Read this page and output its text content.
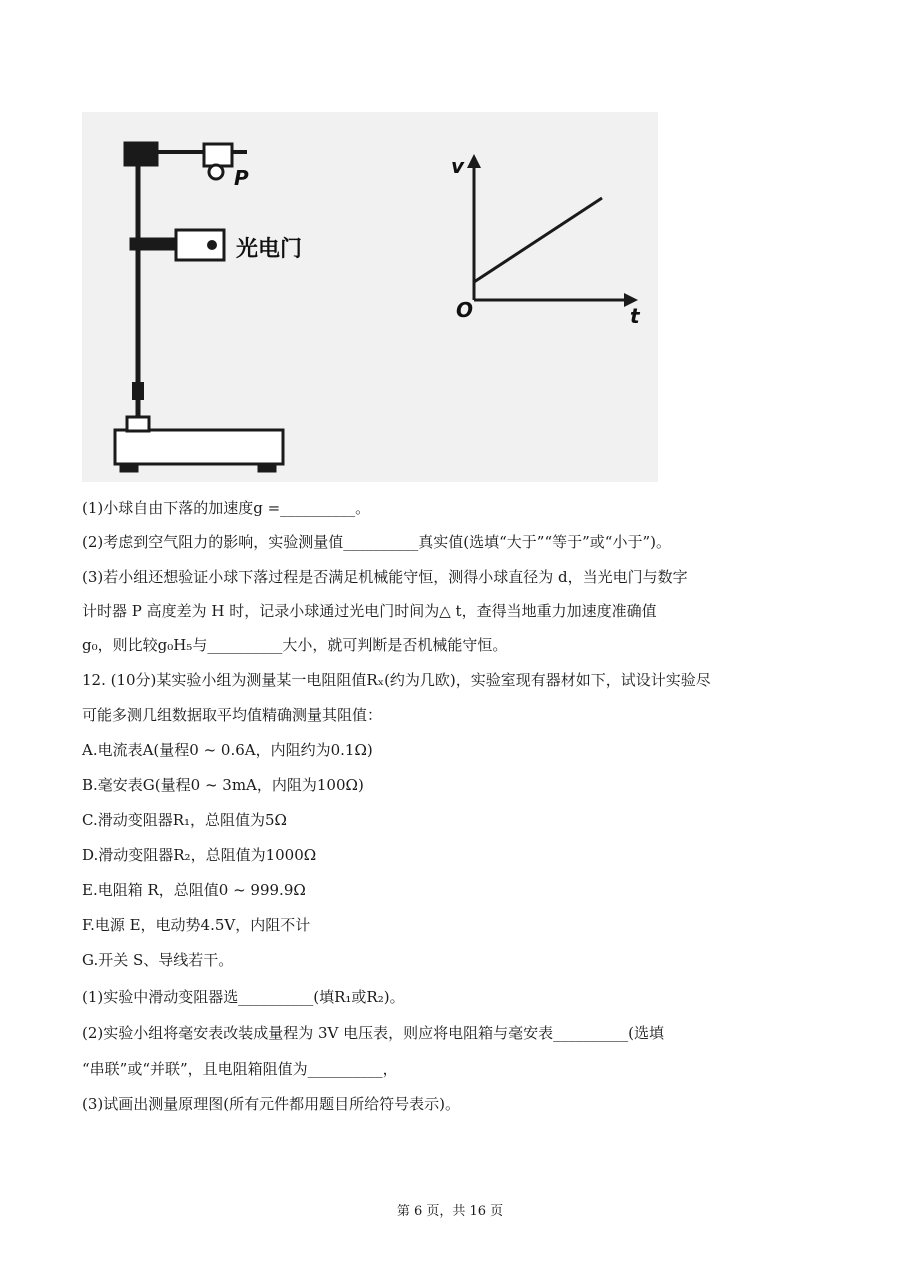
P
光电门
v
t
O
(1)小球自由下落的加速度g =__________。
(2)考虑到空气阻力的影响，实验测量值__________真实值(选填“大于”“等于”或“小于”)。
(3)若小组还想验证小球下落过程是否满足机械能守恒，测得小球直径为 d，当光电门与数字
计时器 P 高度差为 H 时，记录小球通过光电门时间为△ t，查得当地重力加速度准确值
g₀，则比较g₀H₅与__________大小，就可判断是否机械能守恒。
12. (10分)某实验小组为测量某一电阻阻值Rₓ(约为几欧)，实验室现有器材如下，试设计实验尽
可能多测几组数据取平均值精确测量其阻值：
A.电流表A(量程0 ~ 0.6A，内阻约为0.1Ω)
B.毫安表G(量程0 ~ 3mA，内阻为100Ω)
C.滑动变阻器R₁，总阻值为5Ω
D.滑动变阻器R₂，总阻值为1000Ω
E.电阻箱 R，总阻值0 ~ 999.9Ω
F.电源 E，电动势4.5V，内阻不计
G.开关 S、导线若干。
(1)实验中滑动变阻器选__________(填R₁或R₂)。
(2)实验小组将毫安表改装成量程为 3V 电压表，则应将电阻箱与毫安表__________(选填
“串联”或“并联”，且电阻箱阻值为__________，
(3)试画出测量原理图(所有元件都用题目所给符号表示)。
第 6 页，共 16 页
